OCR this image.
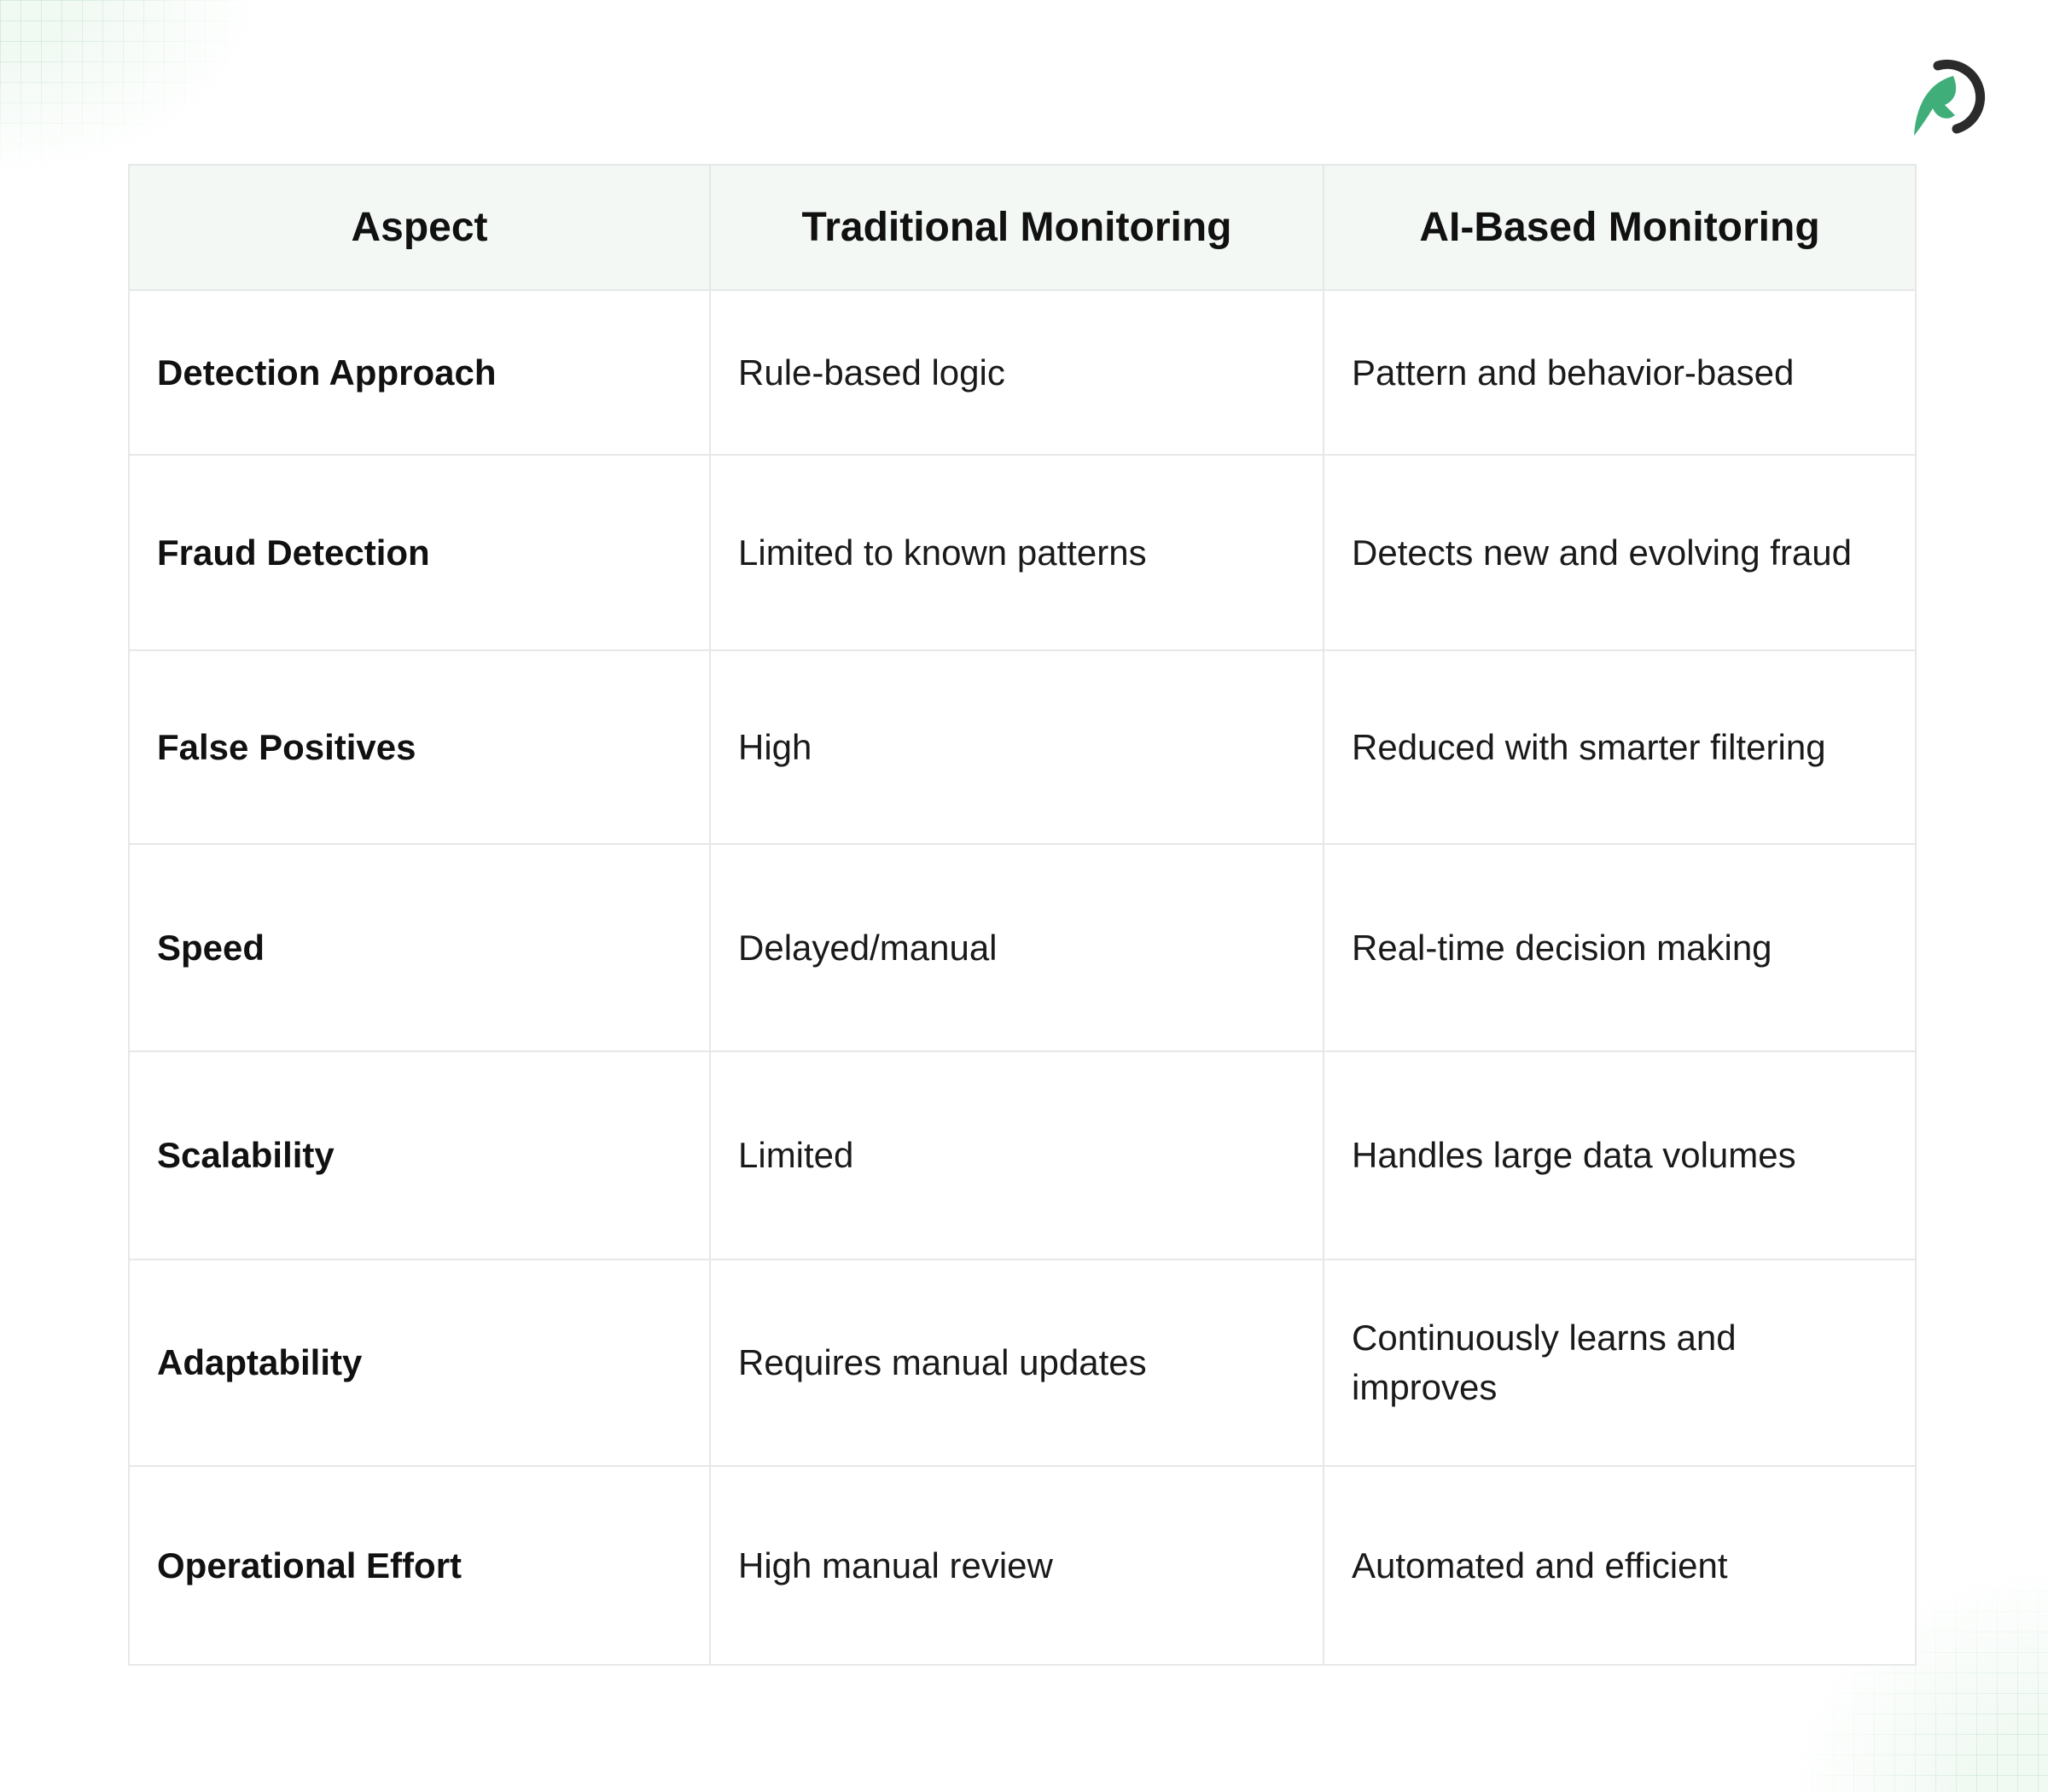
Aspect	Traditional Monitoring	AI-Based Monitoring
Detection Approach	Rule-based logic	Pattern and behavior-based
Fraud Detection	Limited to known patterns	Detects new and evolving fraud
False Positives	High	Reduced with smarter filtering
Speed	Delayed/manual	Real-time decision making
Scalability	Limited	Handles large data volumes
Adaptability	Requires manual updates	Continuously learns and improves
Operational Effort	High manual review	Automated and efficient
